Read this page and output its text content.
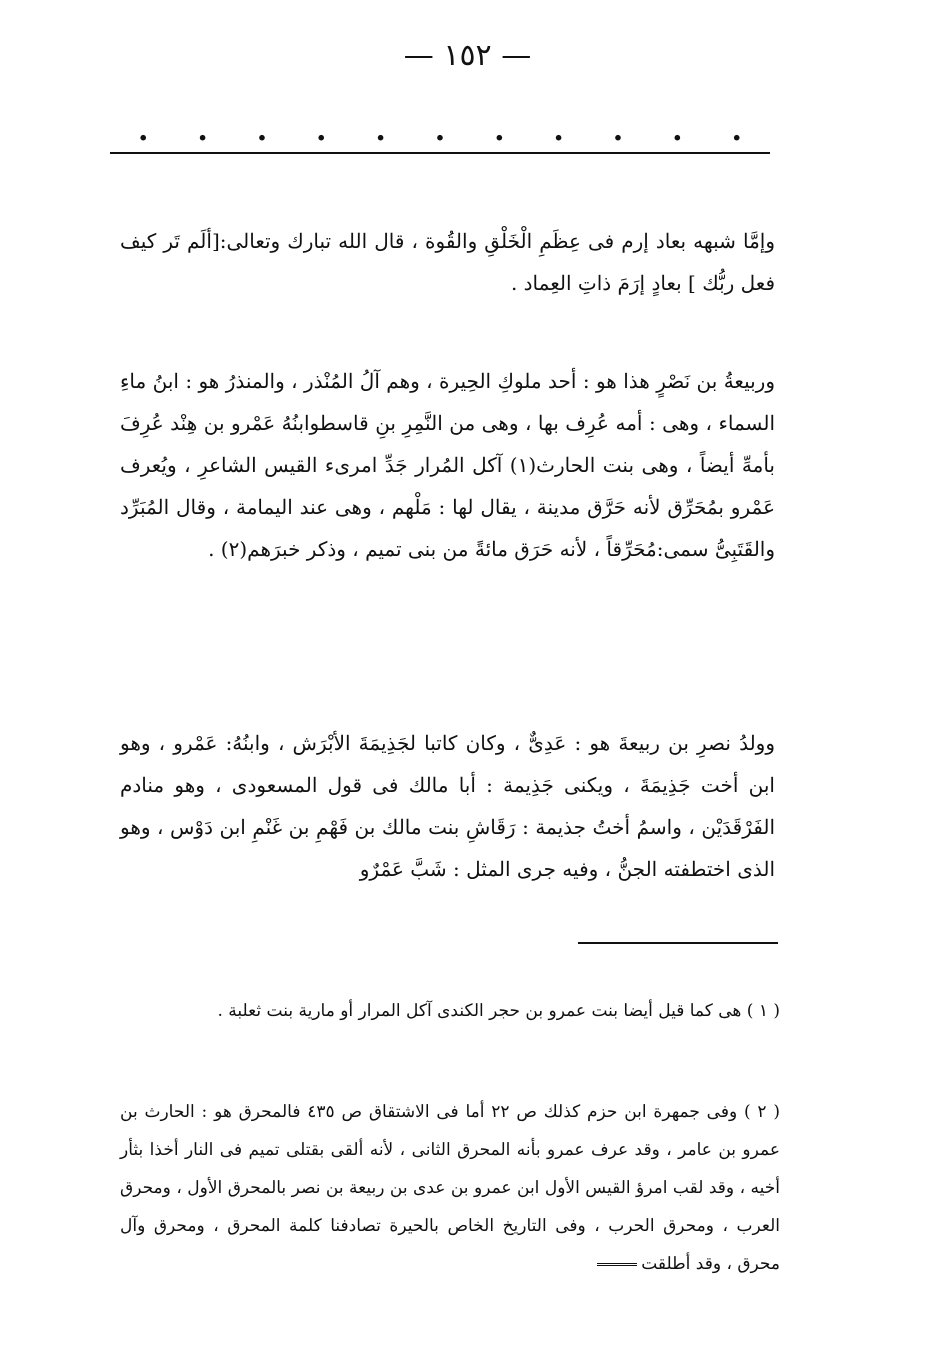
— ١٥٢ —
. . . . . . . . . . .

وإمَّا شبهه بعاد إرم فى عِظَمِ الْخَلْقِ والقُوة ، قال الله تبارك وتعالى:[ألَم تَر كيف فعل ربُّك ] بعادٍ إرَمَ ذاتِ العِماد .

وربيعةُ بن نَصْرٍ هذا هو : أحد ملوكِ الحِيرة ، وهم آلُ المُنْذر ، والمنذرُ هو : ابنُ ماءِ السماء ، وهى : أمه عُرِف بها ، وهى من النَّمِرِ بنِ قاسطوابنُهُ عَمْرو بن هِنْد عُرِفَ بأمهِّ أيضاً ، وهى بنت الحارث(١) آكل المُرار جَدِّ امرىء القيس الشاعرِ ، ويُعرف عَمْرو بمُحَرِّق لأنه حَرَّق مدينة ، يقال لها : مَلْهم ، وهى عند اليمامة ، وقال المُبَرِّد والقَتَبِىُّ سمى:مُحَرِّقاً ، لأنه حَرَق مائةً من بنى تميم ، وذكر خبرَهم(٢) .

وولدُ نصرِ بن ربيعةَ هو : عَدِىٌّ ، وكان كاتبا لجَذِيمَةَ الأبْرَش ، وابنُهُ: عَمْرو ، وهو ابن أخت جَذِيمَةَ ، ويكنى جَذِيمة : أبا مالك فى قول المسعودى ، وهو منادم الفَرْقَدَيْن ، واسمُ أختُ جذيمة : رَقَاشِ بنت مالك بن فَهْمِ بن غَنْمِ ابن دَوْس ، وهو الذى اختطفته الجنُّ ، وفيه جرى المثل : شَبَّ عَمْرٌو

( ١ ) هى كما قيل أيضا بنت عمرو بن حجر الكندى آكل المرار أو مارية بنت ثعلبة .

( ٢ ) وفى جمهرة ابن حزم كذلك ص ٢٢ أما فى الاشتقاق ص ٤٣٥ فالمحرق هو : الحارث بن عمرو بن عامر ، وقد عرف عمرو بأنه المحرق الثانى ، لأنه ألقى بقتلى تميم فى النار أخذا بثأر أخيه ، وقد لقب امرؤ القيس الأول ابن عمرو بن عدى بن ربيعة بن نصر بالمحرق الأول ، ومحرق العرب ، ومحرق الحرب ، وفى التاريخ الخاص بالحيرة تصادفنا كلمة المحرق ، ومحرق وآل محرق ، وقد أطلقت
